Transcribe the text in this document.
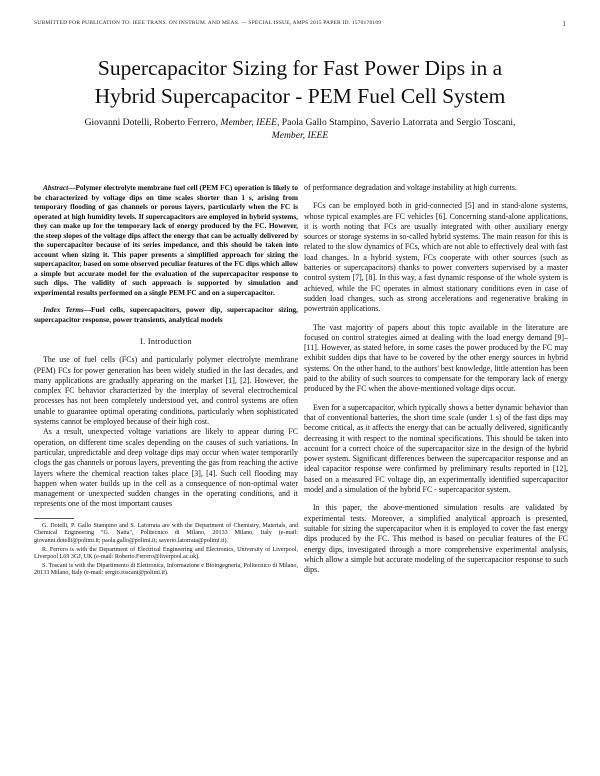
SUBMITTED FOR PUBLICATION TO: IEEE TRANS. ON INSTRUM. AND MEAS. — SPECIAL ISSUE, AMPS 2015 PAPER ID. 1570170109	1
Supercapacitor Sizing for Fast Power Dips in a
Hybrid Supercapacitor - PEM Fuel Cell System
Giovanni Dotelli, Roberto Ferrero, Member, IEEE, Paola Gallo Stampino, Saverio Latorrata and Sergio Toscani,
Member, IEEE

Abstract—Polymer electrolyte membrane fuel cell (PEM FC) operation is likely to be characterized by voltage dips on time scales shorter than 1 s, arising from temporary flooding of gas channels or porous layers, particularly when the FC is operated at high humidity levels. If supercapacitors are employed in hybrid systems, they can make up for the temporary lack of energy produced by the FC. However, the steep slopes of the voltage dips affect the energy that can be actually delivered by the supercapacitor because of its series impedance, and this should be taken into account when sizing it. This paper presents a simplified approach for sizing the supercapacitor, based on some observed peculiar features of the FC dips which allow a simple but accurate model for the evaluation of the supercapacitor response to such dips. The validity of such approach is supported by simulation and experimental results performed on a single PEM FC and on a supercapacitor.

Index Terms—Fuel cells, supercapacitors, power dip, supercapacitor sizing, supercapacitor response, power transients, analytical models

I. Introduction

The use of fuel cells (FCs) and particularly polymer electrolyte membrane (PEM) FCs for power generation has been widely studied in the last decades, and many applications are gradually appearing on the market [1], [2]. However, the complex FC behavior characterized by the interplay of several electrochemical processes has not been completely understood yet, and control systems are often unable to guarantee optimal operating conditions, particularly when sophisticated systems cannot be employed because of their high cost.

As a result, unexpected voltage variations are likely to appear during FC operation, on different time scales depending on the causes of such variations. In particular, unpredictable and deep voltage dips may occur when water temporarily clogs the gas channels or porous layers, preventing the gas from reaching the active layers where the chemical reaction takes place [3], [4]. Such cell flooding may happen when water builds up in the cell as a consequence of non-optimal water management or unexpected sudden changes in the operating conditions, and it represents one of the most important causes

G. Dotelli, P. Gallo Stampino and S. Latorrata are with the Department of Chemistry, Materials, and Chemical Engineering "G. Natta", Politecnico di Milano, 20133 Milano, Italy (e-mail: giovanni.dotelli@polimi.it; paola.gallo@polimi.it; saverio.latorrata@polimi.it).

R. Ferrero is with the Department of Electrical Engineering and Electronics, University of Liverpool, Liverpool L69 3GJ, UK (e-mail: Roberto.Ferrero@liverpool.ac.uk).

S. Toscani is with the Dipartimento di Elettronica, Informazione e Bioingegneria, Politecnico di Milano, 20133 Milano, Italy (e-mail: sergio.toscani@polimi.it).

of performance degradation and voltage instability at high currents.

FCs can be employed both in grid-connected [5] and in stand-alone systems, whose typical examples are FC vehicles [6]. Concerning stand-alone applications, it is worth noting that FCs are usually integrated with other auxiliary energy sources or storage systems in so-called hybrid systems. The main reason for this is related to the slow dynamics of FCs, which are not able to effectively deal with fast load changes. In a hybrid system, FCs cooperate with other sources (such as batteries or supercapacitors) thanks to power converters supervised by a master control system [7], [8]. In this way, a fast dynamic response of the whole system is achieved, while the FC operates in almost stationary conditions even in case of sudden load changes, such as strong accelerations and regenerative braking in powertrain applications.

The vast majority of papers about this topic available in the literature are focused on control strategies aimed at dealing with the load energy demand [9]–[11]. However, as stated before, in some cases the power produced by the FC may exhibit sudden dips that have to be covered by the other energy sources in hybrid systems. On the other hand, to the authors' best knowledge, little attention has been paid to the ability of such sources to compensate for the temporary lack of energy produced by the FC when the above-mentioned voltage dips occur.

Even for a supercapacitor, which typically shows a better dynamic behavior than that of conventional batteries, the short time scale (under 1 s) of the fast dips may become critical, as it affects the energy that can be actually delivered, significantly decreasing it with respect to the nominal specifications. This should be taken into account for a correct choice of the supercapacitor size in the design of the hybrid power system. Significant differences between the supercapacitor response and an ideal capacitor response were confirmed by preliminary results reported in [12], based on a measured FC voltage dip, an experimentally identified supercapacitor model and a simulation of the hybrid FC - supercapacitor system.

In this paper, the above-mentioned simulation results are validated by experimental tests. Moreover, a simplified analytical approach is presented, suitable for sizing the supercapacitor when it is employed to cover the fast energy dips produced by the FC. This method is based on peculiar features of the FC energy dips, investigated through a more comprehensive experimental analysis, which allow a simple but accurate modeling of the supercapacitor response to such dips.
